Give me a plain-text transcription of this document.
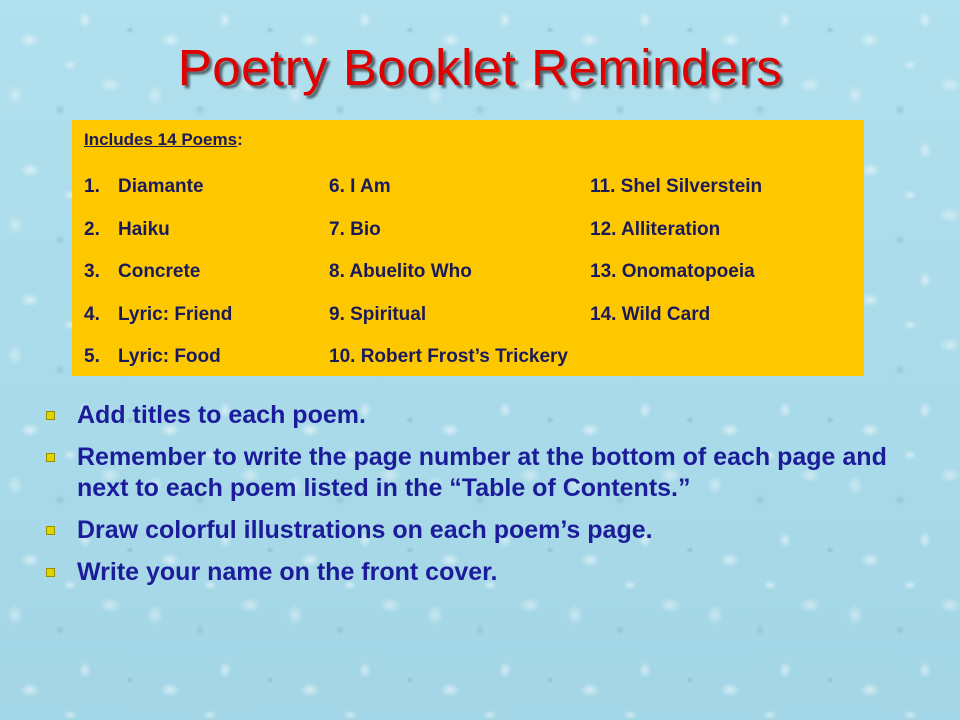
Poetry Booklet Reminders
Includes 14 Poems:
1. Diamante
2. Haiku
3. Concrete
4. Lyric: Friend
5. Lyric: Food
6. I Am
7. Bio
8. Abuelito Who
9. Spiritual
10. Robert Frost’s Trickery
11. Shel Silverstein
12. Alliteration
13. Onomatopoeia
14. Wild Card
Add titles to each poem.
Remember to write the page number at the bottom of each page and next to each poem listed in the “Table of Contents.”
Draw colorful illustrations on each poem’s page.
Write your name on the front cover.
